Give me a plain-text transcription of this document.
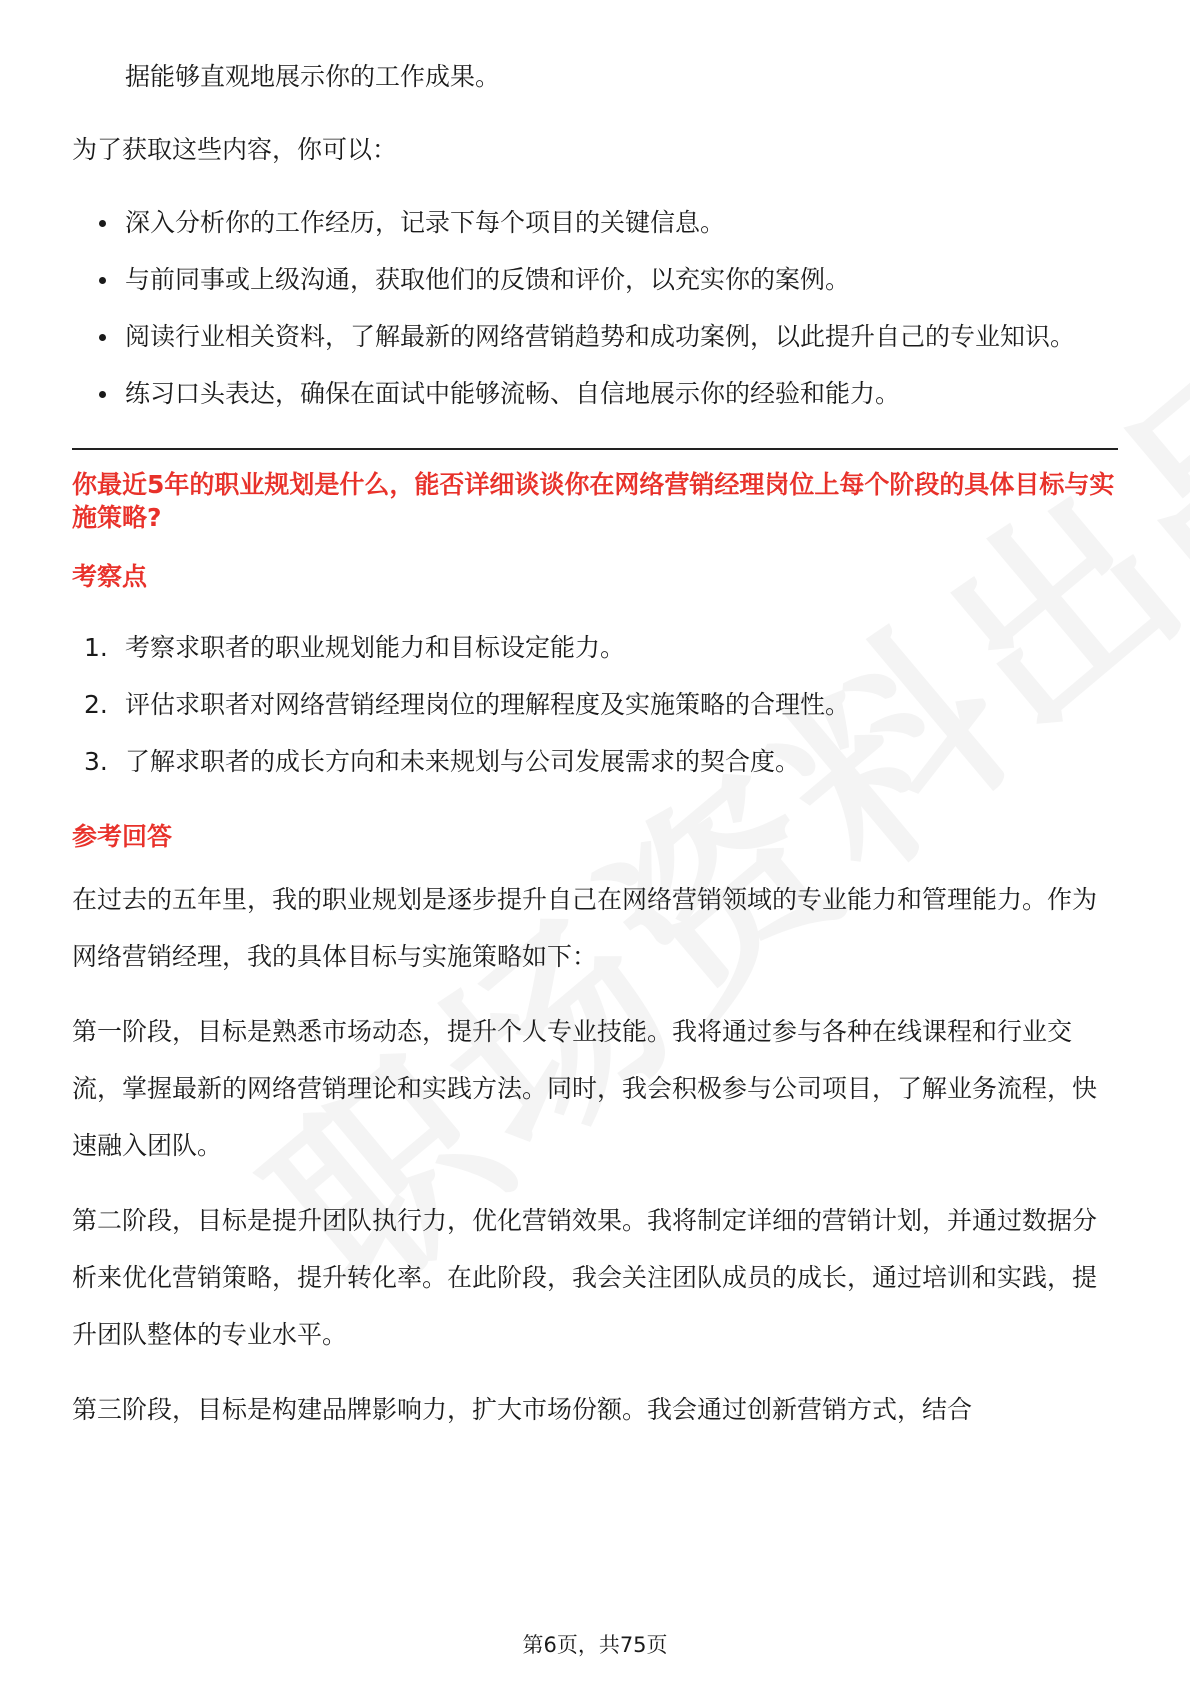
据能够直观地展示你的工作成果。

为了获取这些内容，你可以：

深入分析你的工作经历，记录下每个项目的关键信息。
与前同事或上级沟通，获取他们的反馈和评价，以充实你的案例。
阅读行业相关资料，了解最新的网络营销趋势和成功案例，以此提升自己的专业知识。
练习口头表达，确保在面试中能够流畅、自信地展示你的经验和能力。
你最近5年的职业规划是什么，能否详细谈谈你在网络营销经理岗位上每个阶段的具体目标与实施策略?
考察点
1. 考察求职者的职业规划能力和目标设定能力。
2. 评估求职者对网络营销经理岗位的理解程度及实施策略的合理性。
3. 了解求职者的成长方向和未来规划与公司发展需求的契合度。
参考回答

在过去的五年里，我的职业规划是逐步提升自己在网络营销领域的专业能力和管理能力。作为网络营销经理，我的具体目标与实施策略如下：

第一阶段，目标是熟悉市场动态，提升个人专业技能。我将通过参与各种在线课程和行业交流，掌握最新的网络营销理论和实践方法。同时，我会积极参与公司项目，了解业务流程，快速融入团队。

第二阶段，目标是提升团队执行力，优化营销效果。我将制定详细的营销计划，并通过数据分析来优化营销策略，提升转化率。在此阶段，我会关注团队成员的成长，通过培训和实践，提升团队整体的专业水平。

第三阶段，目标是构建品牌影响力，扩大市场份额。我会通过创新营销方式，结合

第6页，共75页
